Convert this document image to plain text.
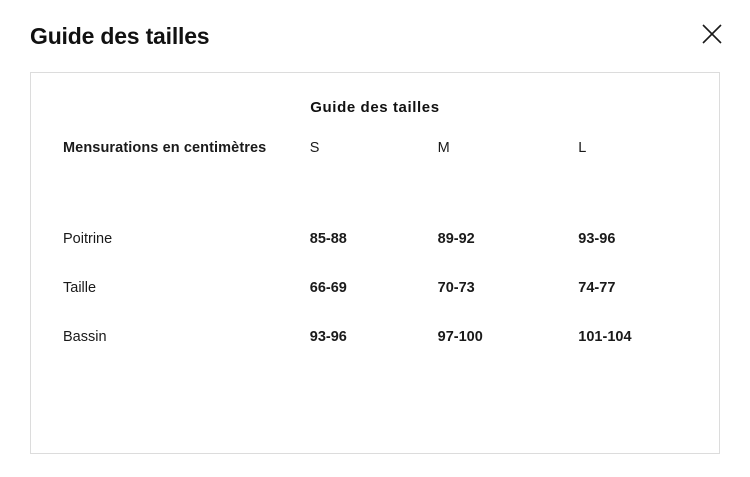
Guide des tailles
Guide des tailles
Mensurations en centimètres	S	M	L

Poitrine	85-88	89-92	93-96
Taille	66-69	70-73	74-77
Bassin	93-96	97-100	101-104
